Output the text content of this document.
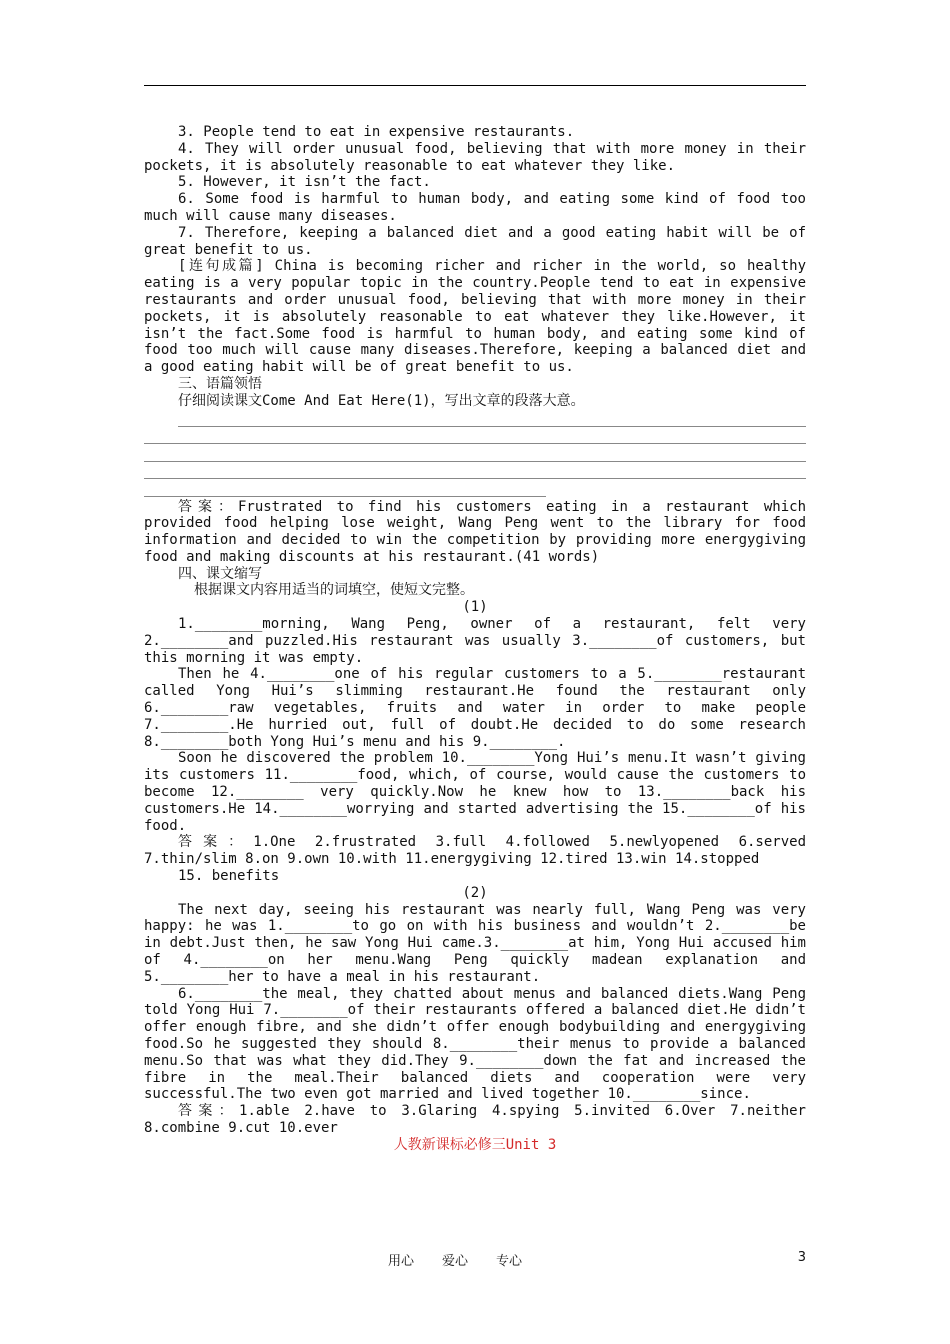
3. People tend to eat in expensive restaurants.

4. They will order unusual food, believing that with more money in their pockets, it is absolutely reasonable to eat whatever they like.

5. However, it isn’t the fact.

6. Some food is harmful to human body, and eating some kind of food too much will cause many diseases.

7. Therefore, keeping a balanced diet and a good eating habit will be of great benefit to us.

[连句成篇] China is becoming richer and richer in the world, so healthy eating is a very popular topic in the country.People tend to eat in expensive restaurants and order unusual food, believing that with more money in their pockets, it is absolutely reasonable to eat whatever they like.However, it isn’t the fact.Some food is harmful to human body, and eating some kind of food too much will cause many diseases.Therefore, keeping a balanced diet and a good eating habit will be of great benefit to us.

三、语篇领悟

仔细阅读课文Come And Eat Here(1)，写出文章的段落大意。

答案：Frustrated to find his customers eating in a restaurant which provided food helping lose weight, Wang Peng went to the library for food information and decided to win the competition by providing more energygiving food and making discounts at his restaurant.(41 words)

四、课文缩写

根据课文内容用适当的词填空，使短文完整。

(1)

1.________morning, Wang Peng, owner of a restaurant, felt very 2.________and puzzled.His restaurant was usually 3.________of customers, but this morning it was empty.

Then he 4.________one of his regular customers to a 5.________restaurant called Yong Hui’s slimming restaurant.He found the restaurant only 6.________raw vegetables, fruits and water in order to make people 7.________.He hurried out, full of doubt.He decided to do some research 8.________both Yong Hui’s menu and his 9.________.

Soon he discovered the problem 10.________Yong Hui’s menu.It wasn’t giving its customers 11.________food, which, of course, would cause the customers to become 12.________ very quickly.Now he knew how to 13.________back his customers.He 14.________worrying and started advertising the 15.________of his food.

答案：1.One 2.frustrated 3.full 4.followed 5.newlyopened 6.served 7.thin/slim 8.on 9.own 10.with 11.energygiving 12.tired 13.win 14.stopped

15. benefits

(2)

The next day, seeing his restaurant was nearly full, Wang Peng was very happy: he was 1.________to go on with his business and wouldn’t 2.________be in debt.Just then, he saw Yong Hui came.3.________at him, Yong Hui accused him of 4.________on her menu.Wang Peng quickly madean explanation and 5.________her to have a meal in his restaurant.

6.________the meal, they chatted about menus and balanced diets.Wang Peng told Yong Hui 7.________of their restaurants offered a balanced diet.He didn’t offer enough fibre, and she didn’t offer enough bodybuilding and energygiving food.So he suggested they should 8.________their menus to provide a balanced menu.So that was what they did.They 9.________down the fat and increased the fibre in the meal.Their balanced diets and cooperation were very successful.The two even got married and lived together 10.________since.

答案：1.able 2.have to 3.Glaring 4.spying 5.invited 6.Over 7.neither 8.combine 9.cut 10.ever

人教新课标必修三Unit 3

用心 爱心 专心	3
